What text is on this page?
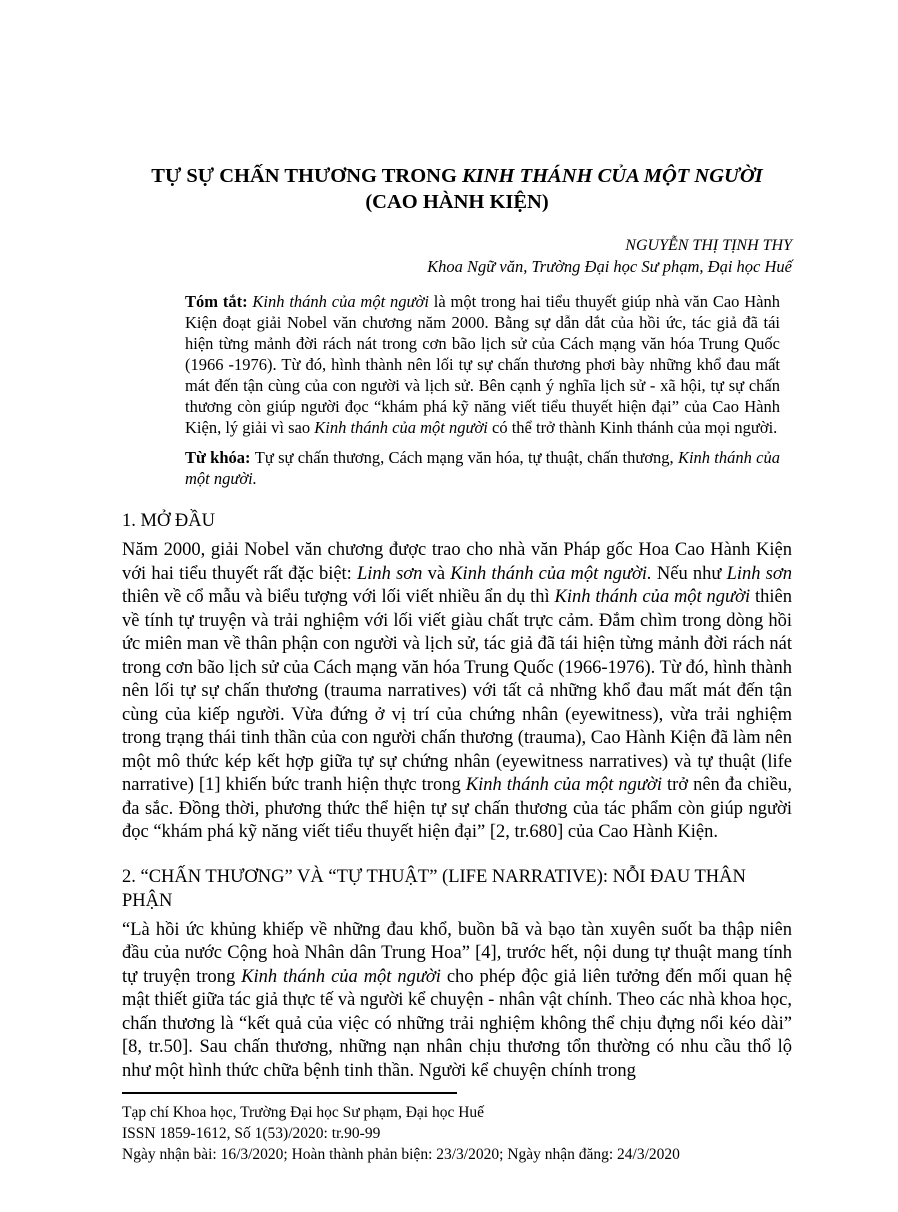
TỰ SỰ CHẤN THƯƠNG TRONG KINH THÁNH CỦA MỘT NGƯỜI
(CAO HÀNH KIỆN)
NGUYỄN THỊ TỊNH THY
Khoa Ngữ văn, Trường Đại học Sư phạm, Đại học Huế
Tóm tắt: Kinh thánh của một người là một trong hai tiểu thuyết giúp nhà văn Cao Hành Kiện đoạt giải Nobel văn chương năm 2000. Bằng sự dẫn dắt của hồi ức, tác giả đã tái hiện từng mảnh đời rách nát trong cơn bão lịch sử của Cách mạng văn hóa Trung Quốc (1966 -1976). Từ đó, hình thành nên lối tự sự chấn thương phơi bày những khổ đau mất mát đến tận cùng của con người và lịch sử. Bên cạnh ý nghĩa lịch sử - xã hội, tự sự chấn thương còn giúp người đọc “khám phá kỹ năng viết tiểu thuyết hiện đại” của Cao Hành Kiện, lý giải vì sao Kinh thánh của một người có thể trở thành Kinh thánh của mọi người.
Từ khóa: Tự sự chấn thương, Cách mạng văn hóa, tự thuật, chấn thương, Kinh thánh của một người.
1. MỞ ĐẦU
Năm 2000, giải Nobel văn chương được trao cho nhà văn Pháp gốc Hoa Cao Hành Kiện với hai tiểu thuyết rất đặc biệt: Linh sơn và Kinh thánh của một người. Nếu như Linh sơn thiên về cổ mẫu và biểu tượng với lối viết nhiều ẩn dụ thì Kinh thánh của một người thiên về tính tự truyện và trải nghiệm với lối viết giàu chất trực cảm. Đắm chìm trong dòng hồi ức miên man về thân phận con người và lịch sử, tác giả đã tái hiện từng mảnh đời rách nát trong cơn bão lịch sử của Cách mạng văn hóa Trung Quốc (1966-1976). Từ đó, hình thành nên lối tự sự chấn thương (trauma narratives) với tất cả những khổ đau mất mát đến tận cùng của kiếp người. Vừa đứng ở vị trí của chứng nhân (eyewitness), vừa trải nghiệm trong trạng thái tinh thần của con người chấn thương (trauma), Cao Hành Kiện đã làm nên một mô thức kép kết hợp giữa tự sự chứng nhân (eyewitness narratives) và tự thuật (life narrative) [1] khiến bức tranh hiện thực trong Kinh thánh của một người trở nên đa chiều, đa sắc. Đồng thời, phương thức thể hiện tự sự chấn thương của tác phẩm còn giúp người đọc “khám phá kỹ năng viết tiểu thuyết hiện đại” [2, tr.680] của Cao Hành Kiện.
2. “CHẤN THƯƠNG” VÀ “TỰ THUẬT” (LIFE NARRATIVE): NỖI ĐAU THÂN PHẬN
“Là hồi ức khủng khiếp về những đau khổ, buồn bã và bạo tàn xuyên suốt ba thập niên đầu của nước Cộng hoà Nhân dân Trung Hoa” [4], trước hết, nội dung tự thuật mang tính tự truyện trong Kinh thánh của một người cho phép độc giả liên tưởng đến mối quan hệ mật thiết giữa tác giả thực tế và người kể chuyện - nhân vật chính. Theo các nhà khoa học, chấn thương là “kết quả của việc có những trải nghiệm không thể chịu đựng nổi kéo dài” [8, tr.50]. Sau chấn thương, những nạn nhân chịu thương tổn thường có nhu cầu thổ lộ như một hình thức chữa bệnh tinh thần. Người kể chuyện chính trong
Tạp chí Khoa học, Trường Đại học Sư phạm, Đại học Huế
ISSN 1859-1612, Số 1(53)/2020: tr.90-99
Ngày nhận bài: 16/3/2020; Hoàn thành phản biện: 23/3/2020; Ngày nhận đăng: 24/3/2020
